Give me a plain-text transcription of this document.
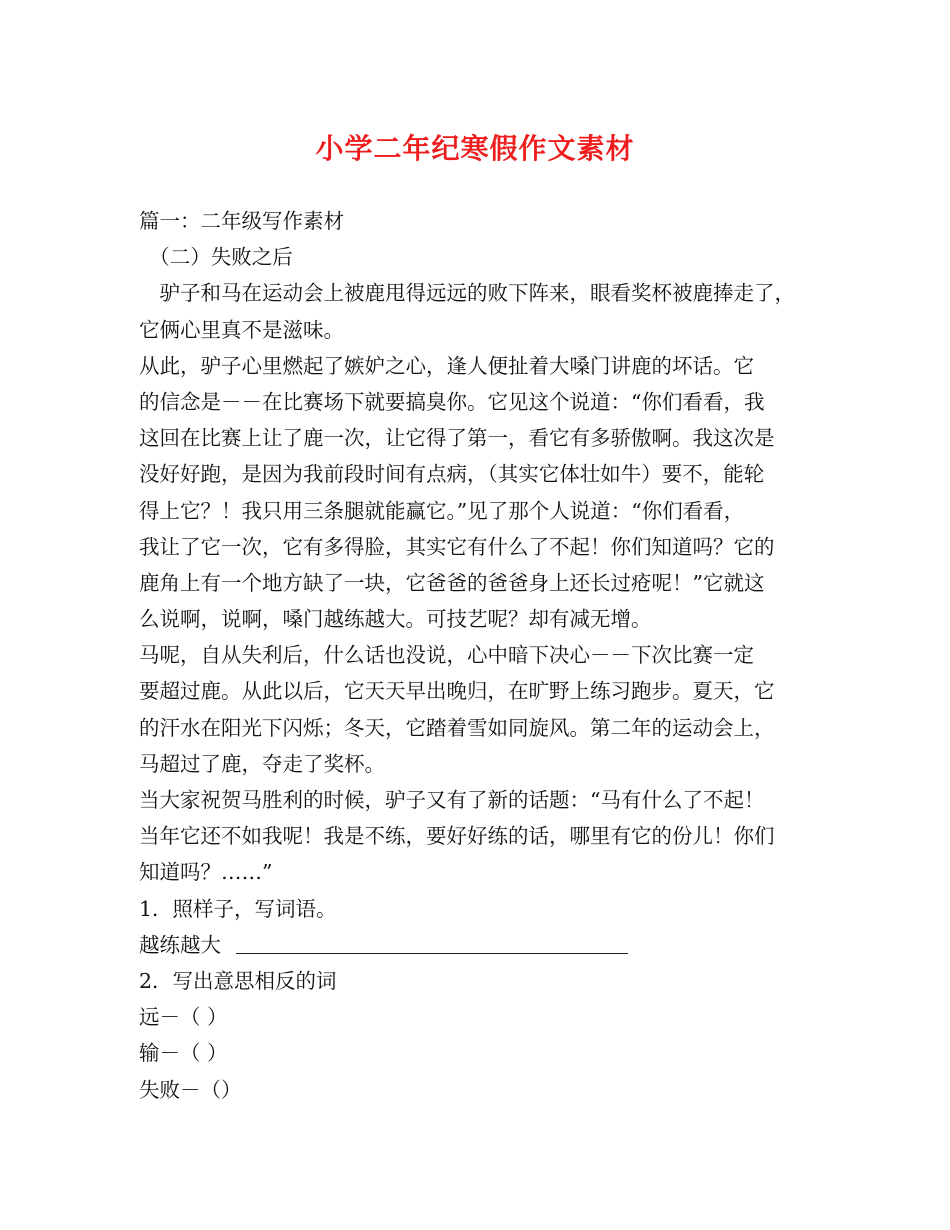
小学二年纪寒假作文素材
篇一：二年级写作素材
　（二）失败之后
　驴子和马在运动会上被鹿甩得远远的败下阵来，眼看奖杯被鹿捧走了，
它俩心里真不是滋味。
从此，驴子心里燃起了嫉妒之心，逢人便扯着大嗓门讲鹿的坏话。它
的信念是－－在比赛场下就要搞臭你。它见这个说道：“你们看看，我
这回在比赛上让了鹿一次，让它得了第一，看它有多骄傲啊。我这次是
没好好跑，是因为我前段时间有点病，（其实它体壮如牛）要不，能轮
得上它？！我只用三条腿就能赢它。”见了那个人说道：“你们看看，
我让了它一次，它有多得脸，其实它有什么了不起！你们知道吗？它的
鹿角上有一个地方缺了一块，它爸爸的爸爸身上还长过疮呢！”它就这
么说啊，说啊，嗓门越练越大。可技艺呢？却有减无增。
马呢，自从失利后，什么话也没说，心中暗下决心－－下次比赛一定
要超过鹿。从此以后，它天天早出晚归，在旷野上练习跑步。夏天，它
的汗水在阳光下闪烁；冬天，它踏着雪如同旋风。第二年的运动会上，
马超过了鹿，夺走了奖杯。
当大家祝贺马胜利的时候，驴子又有了新的话题：“马有什么了不起！
当年它还不如我呢！我是不练，要好好练的话，哪里有它的份儿！你们
知道吗？……”
1．照样子，写词语。
越练越大
2．写出意思相反的词
远－（ ）
输－（ ）
失败－（）
